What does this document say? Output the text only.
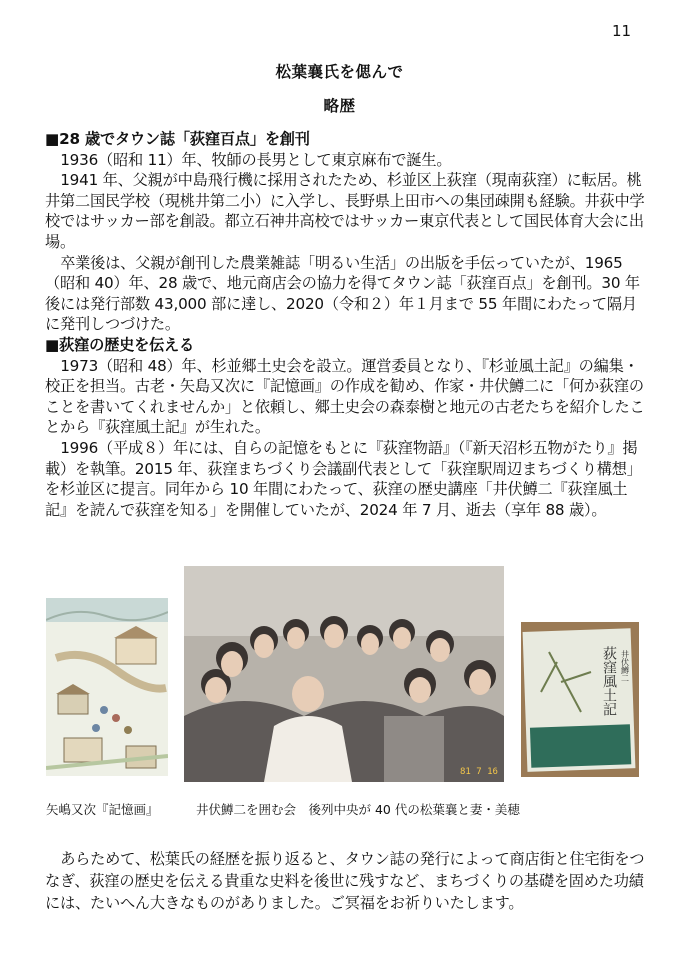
11
松葉襄氏を偲んで
略歴
■28 歳でタウン誌「荻窪百点」を創刊
1936（昭和 11）年、牧師の長男として東京麻布で誕生。
1941 年、父親が中島飛行機に採用されたため、杉並区上荻窪（現南荻窪）に転居。桃井第二国民学校（現桃井第二小）に入学し、長野県上田市への集団疎開も経験。井荻中学校ではサッカー部を創設。都立石神井高校ではサッカー東京代表として国民体育大会に出場。
卒業後は、父親が創刊した農業雑誌「明るい生活」の出版を手伝っていたが、1965（昭和 40）年、28 歳で、地元商店会の協力を得てタウン誌「荻窪百点」を創刊。30 年後には発行部数 43,000 部に達し、2020（令和２）年１月まで 55 年間にわたって隔月に発刊しつづけた。
■荻窪の歴史を伝える
1973（昭和 48）年、杉並郷土史会を設立。運営委員となり、『杉並風土記』の編集・校正を担当。古老・矢島又次に『記憶画』の作成を勧め、作家・井伏鱒二に「何か荻窪のことを書いてくれませんか」と依頼し、郷土史会の森泰樹と地元の古老たちを紹介したことから『荻窪風土記』が生れた。
1996（平成８）年には、自らの記憶をもとに『荻窪物語』（『新天沼杉五物がたり』掲載）を執筆。2015 年、荻窪まちづくり会議副代表として「荻窪駅周辺まちづくり構想」を杉並区に提言。同年から 10 年間にわたって、荻窪の歴史講座「井伏鱒二『荻窪風土記』を読んで荻窪を知る」を開催していたが、2024 年 7 月、逝去（享年 88 歳）。
81 7 16
荻窪風土記 井伏鱒二
矢嶋又次『記憶画』	井伏鱒二を囲む会　後列中央が 40 代の松葉襄と妻・美穂
あらためて、松葉氏の経歴を振り返ると、タウン誌の発行によって商店街と住宅街をつなぎ、荻窪の歴史を伝える貴重な史料を後世に残すなど、まちづくりの基礎を固めた功績には、たいへん大きなものがありました。ご冥福をお祈りいたします。
